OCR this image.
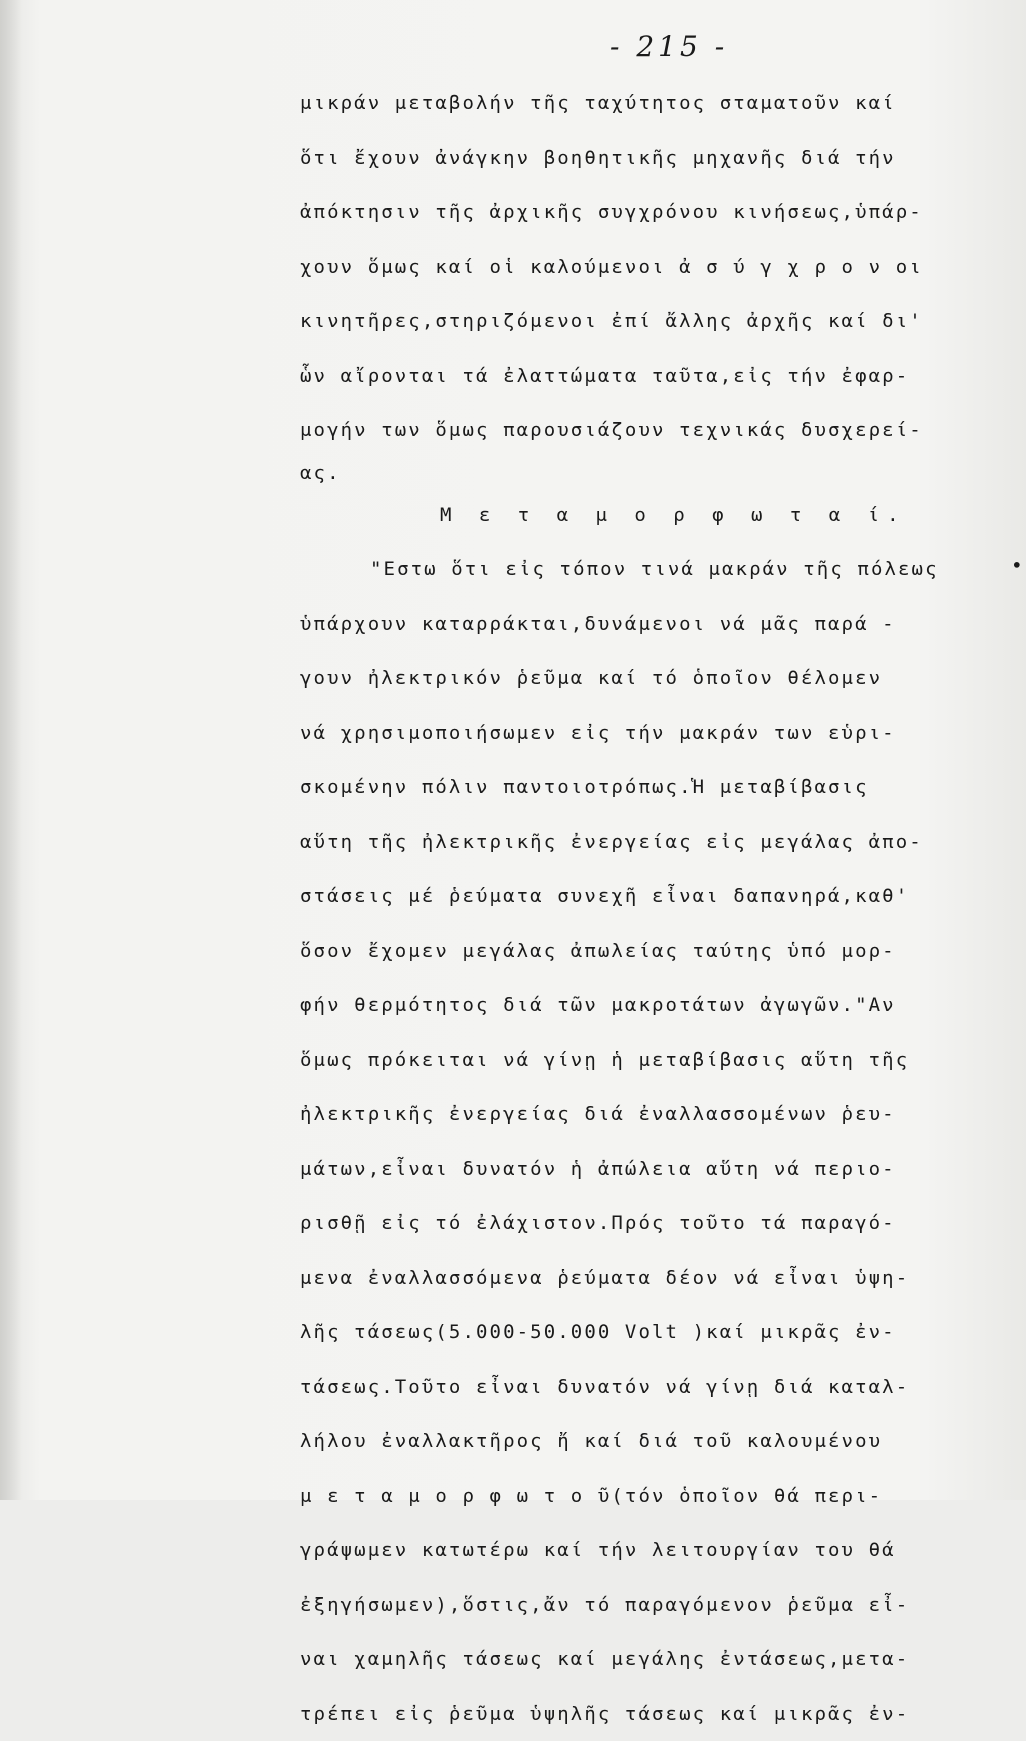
- 215 -
•
μικράν μεταβολήν τῆς ταχύτητος σταματοῦν καί
ὅτι ἔχουν ἀνάγκην βοηθητικῆς μηχανῆς διά τήν
ἀπόκτησιν τῆς ἀρχικῆς συγχρόνου κινήσεως,ὑπάρ-
χουν ὅμως καί οἱ καλούμενοι ἀ σ ύ γ χ ρ ο ν οι
κινητῆρες,στηριζόμενοι ἐπί ἄλλης ἀρχῆς καί δι'
ὧν αἴρονται τά ἐλαττώματα ταῦτα,εἰς τήν ἐφαρ-
μογήν των ὅμως παρουσιάζουν τεχνικάς δυσχερεί-
ας.
Μ ε τ α μ ο ρ φ ω τ α ί.
"Εστω ὅτι εἰς τόπον τινά μακράν τῆς πόλεως
ὑπάρχουν καταρράκται,δυνάμενοι νά μᾶς παρά -
γουν ἠλεκτρικόν ῥεῦμα καί τό ὁποῖον θέλομεν
νά χρησιμοποιήσωμεν εἰς τήν μακράν των εὑρι-
σκομένην πόλιν παντοιοτρόπως.Ἡ μεταβίβασις
αὕτη τῆς ἠλεκτρικῆς ἐνεργείας εἰς μεγάλας ἀπο-
στάσεις μέ ῥεύματα συνεχῆ εἶναι δαπανηρά,καθ'
ὅσον ἔχομεν μεγάλας ἀπωλείας ταύτης ὑπό μορ-
φήν θερμότητος διά τῶν μακροτάτων ἀγωγῶν."Αν
ὅμως πρόκειται νά γίνῃ ἡ μεταβίβασις αὕτη τῆς
ἠλεκτρικῆς ἐνεργείας διά ἐναλλασσομένων ῥευ-
μάτων,εἶναι δυνατόν ἡ ἀπώλεια αὕτη νά περιο-
ρισθῇ εἰς τό ἐλάχιστον.Πρός τοῦτο τά παραγό-
μενα ἐναλλασσόμενα ῥεύματα δέον νά εἶναι ὑψη-
λῆς τάσεως(5.000-50.000 Volt )καί μικρᾶς ἐν-
τάσεως.Τοῦτο εἶναι δυνατόν νά γίνῃ διά καταλ-
λήλου ἐναλλακτῆρος ἤ καί διά τοῦ καλουμένου
μ ε τ α μ ο ρ φ ω τ ο ῦ(τόν ὁποῖον θά περι-
γράψωμεν κατωτέρω καί τήν λειτουργίαν του θά
ἐξηγήσωμεν),ὅστις,ἄν τό παραγόμενον ῥεῦμα εἶ-
ναι χαμηλῆς τάσεως καί μεγάλης ἐντάσεως,μετα-
τρέπει εἰς ῥεῦμα ὑψηλῆς τάσεως καί μικρᾶς ἐν-
